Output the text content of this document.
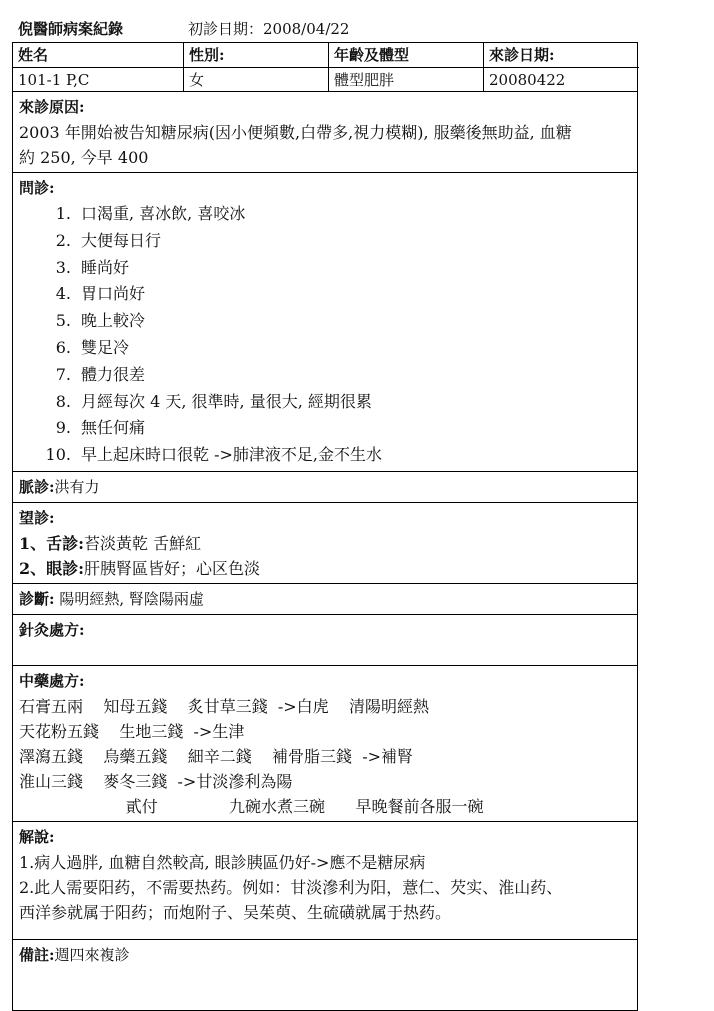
倪醫師病案紀錄	初診日期：2008/04/22
姓名	性別:	年齡及體型	來診日期:
101-1 P,C	女	體型肥胖	20080422
來診原因:
2003 年開始被告知糖尿病(因小便頻數,白帶多,視力模糊), 服藥後無助益, 血糖
約 250, 今早 400
問診:
1. 口渴重, 喜冰飲, 喜咬冰
2. 大便每日行
3. 睡尚好
4. 胃口尚好
5. 晚上較冷
6. 雙足冷
7. 體力很差
8. 月經每次 4 天, 很準時, 量很大, 經期很累
9. 無任何痛
10. 早上起床時口很乾 ->肺津液不足,金不生水
脈診:洪有力
望診:
1、舌診:苔淡黃乾 舌鮮紅
2、眼診:肝胰腎區皆好；心区色淡
診斷: 陽明經熱, 腎陰陽兩虛
針灸處方:
中藥處方:
石膏五兩    知母五錢    炙甘草三錢  ->白虎    清陽明經熱
天花粉五錢    生地三錢  ->生津
澤瀉五錢    烏藥五錢    細辛二錢    補骨脂三錢  ->補腎
淮山三錢    麥冬三錢  ->甘淡滲利為陽
貳付              九碗水煮三碗      早晚餐前各服一碗
解說:
1.病人過胖, 血糖自然較高, 眼診胰區仍好->應不是糖尿病
2.此人需要阳药，不需要热药。例如：甘淡滲利为阳，薏仁、芡实、淮山药、
西洋参就属于阳药；而炮附子、吴茱萸、生硫磺就属于热药。
備註:週四來複診
